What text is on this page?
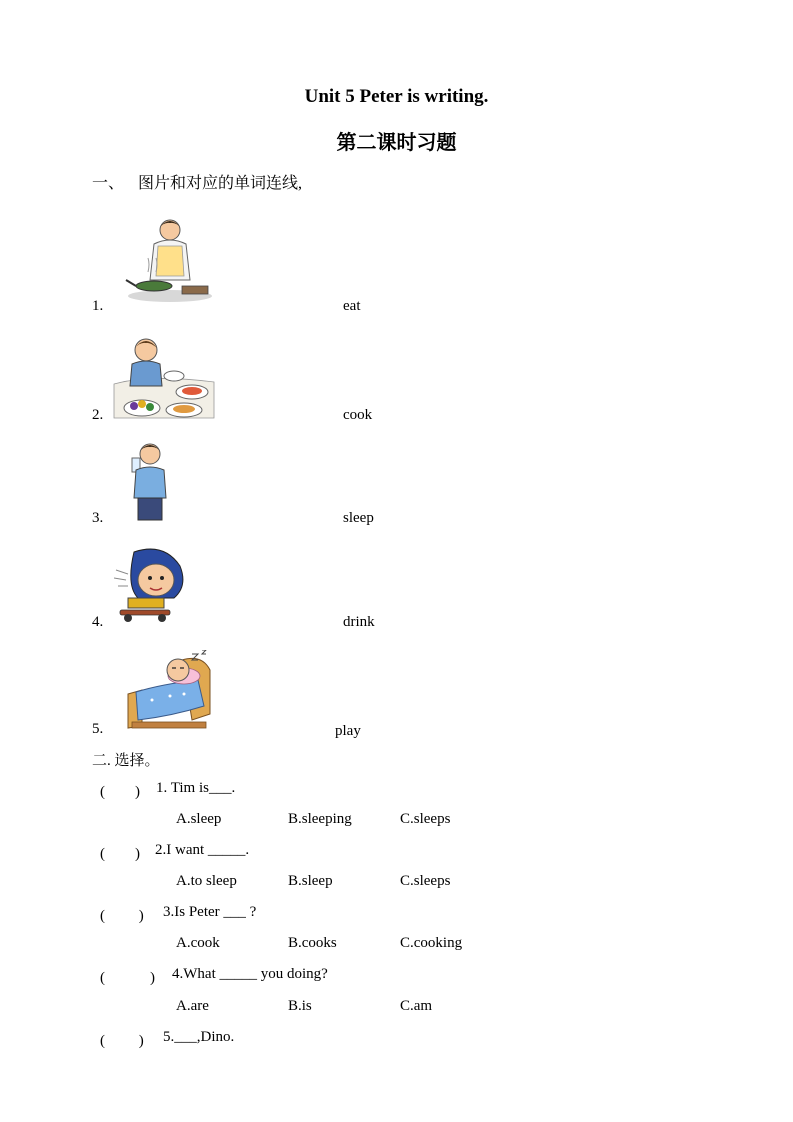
Unit 5 Peter is writing.
第二课时习题
一、 图片和对应的单词连线,
1.	eat
2.	cook
3.	sleep
4.	drink
5.	play
二. 选择。
(　　) 1. Tim is___.
A.sleep	B.sleeping	C.sleeps
(　　) 2.I want _____.
A.to sleep	B.sleep	C.sleeps
(　　 ) 3.Is Peter ___ ?
A.cook	B.cooks	C.cooking
(　　　) 4.What _____ you doing?
A.are	B.is	C.am
(　　 ) 5.___,Dino.
